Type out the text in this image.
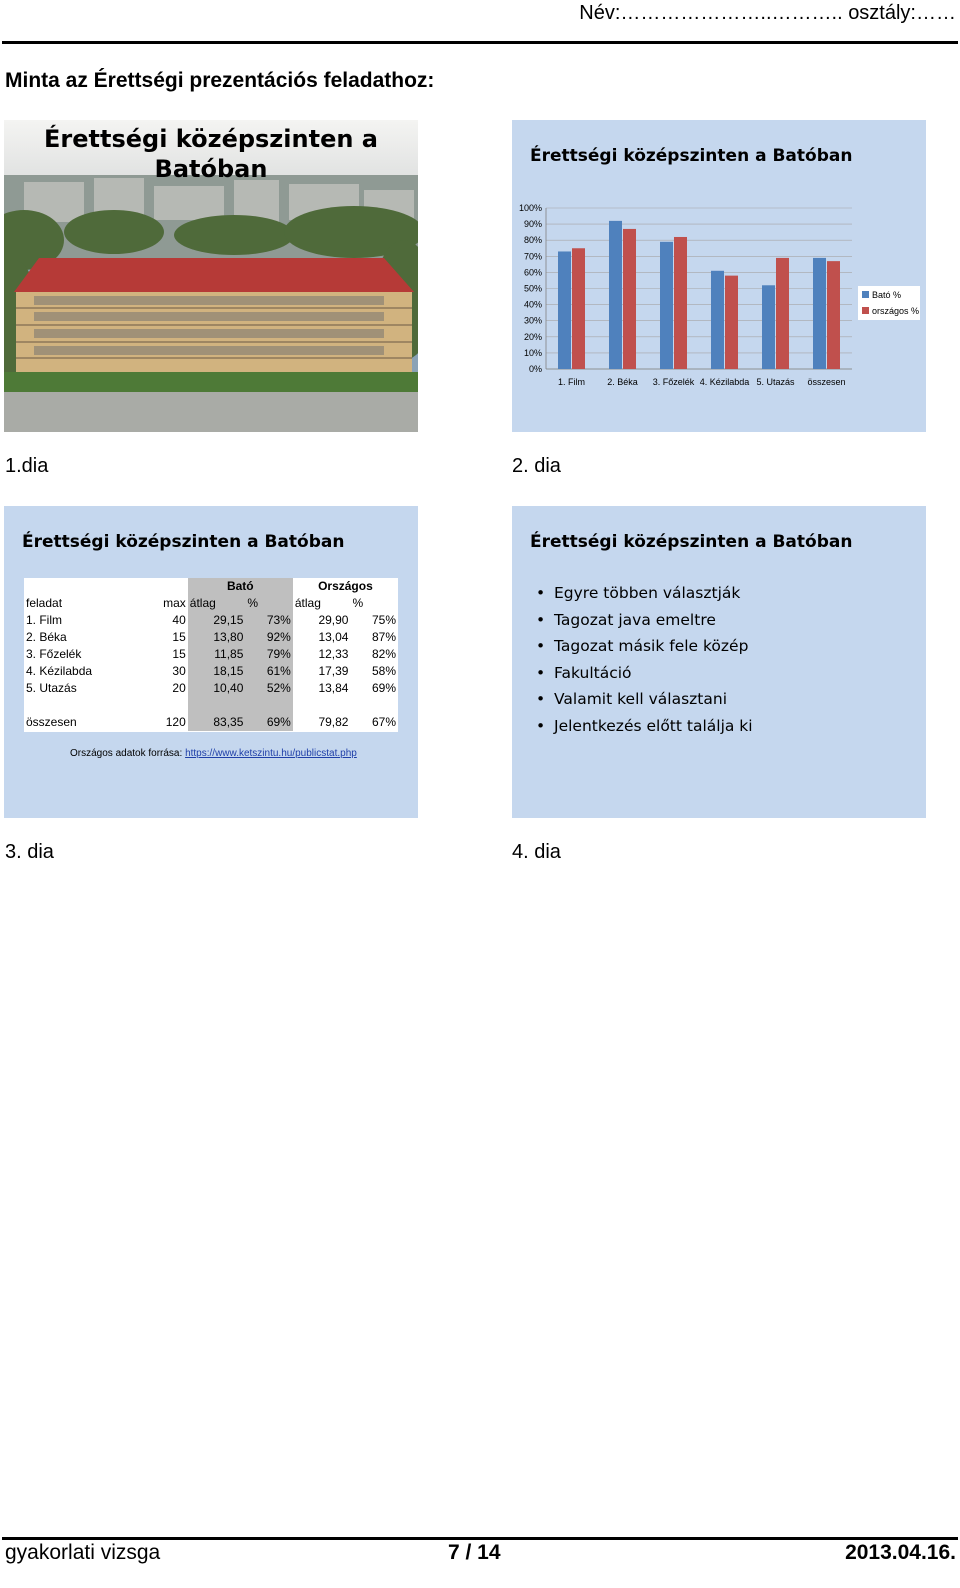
Név:…………………..……….. osztály:……
Minta az Érettségi prezentációs feladathoz:
Érettségi középszinten a Batóban
1.dia
Érettségi középszinten a Batóban
0%
10%
20%
30%
40%
50%
60%
70%
80%
90%
100%
1. Film 2. Béka 3. Főzelék 4. Kézilabda 5. Utazás összesen
Bató %
országos %
2. dia
Érettségi középszinten a Batóban
		Bató		Országos	
feladat	max	átlag	%	átlag	%
1. Film	40	29,15	73%	29,90	75%
2. Béka	15	13,80	92%	13,04	87%
3. Főzelék	15	11,85	79%	12,33	82%
4. Kézilabda	30	18,15	61%	17,39	58%
5. Utazás	20	10,40	52%	13,84	69%

összesen	120	83,35	69%	79,82	67%
Országos adatok forrása: https://www.ketszintu.hu/publicstat.php
3. dia
Érettségi középszinten a Batóban
• Egyre többen választják
• Tagozat java emeltre
• Tagozat másik fele közép
• Fakultáció
• Valamit kell választani
• Jelentkezés előtt találja ki
4. dia
gyakorlati vizsga	7 / 14	2013.04.16.
